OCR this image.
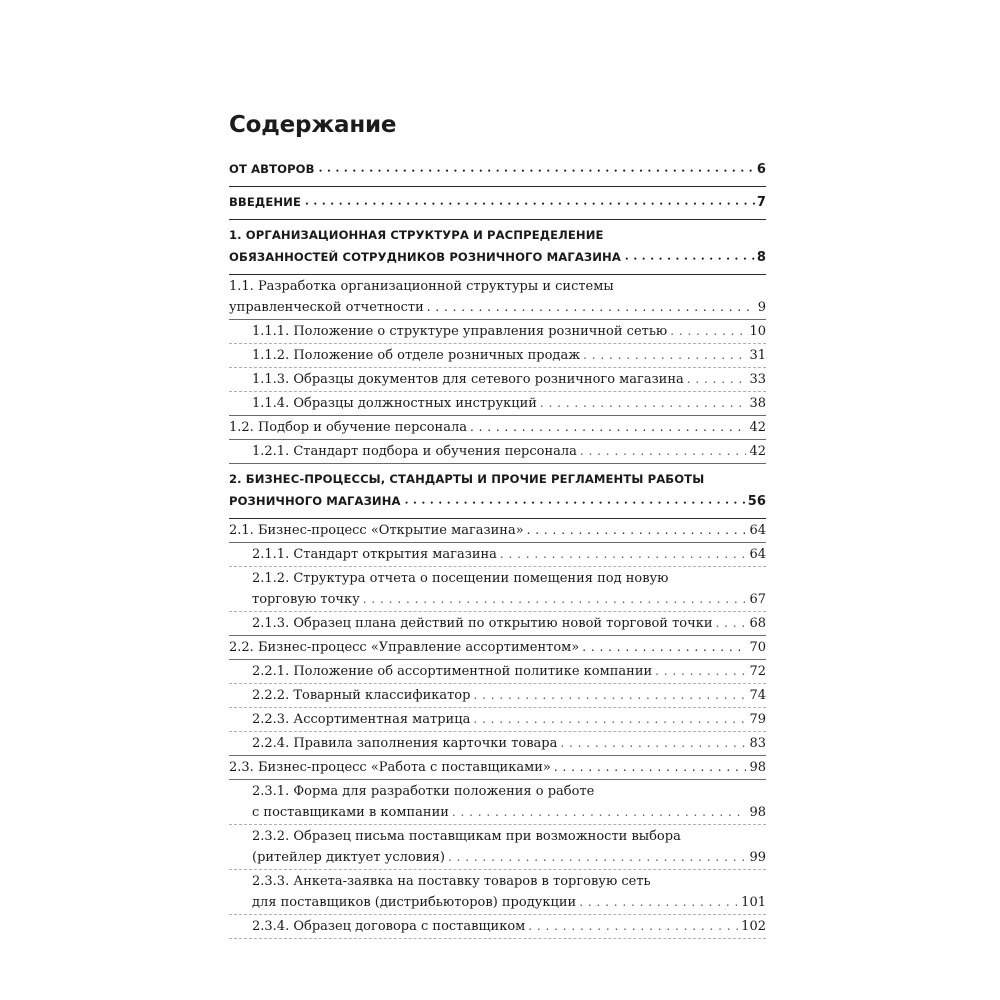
Содержание
ОТ АВТОРОВ •••••	6
ВВЕДЕНИЕ •••••	7
1. ОРГАНИЗАЦИОННАЯ СТРУКТУРА И РАСПРЕДЕЛЕНИЕ
ОБЯЗАННОСТЕЙ СОТРУДНИКОВ РОЗНИЧНОГО МАГАЗИНА •••••	8
1.1. Разработка организационной структуры и системы
управленческой отчетности . . .	9
1.1.1. Положение о структуре управления розничной сетью . . .	10
1.1.2. Положение об отделе розничных продаж . . .	31
1.1.3. Образцы документов для сетевого розничного магазина . . .	33
1.1.4. Образцы должностных инструкций . . .	38
1.2. Подбор и обучение персонала . . .	42
1.2.1. Стандарт подбора и обучения персонала . . .	42
2. БИЗНЕС-ПРОЦЕССЫ, СТАНДАРТЫ И ПРОЧИЕ РЕГЛАМЕНТЫ РАБОТЫ
РОЗНИЧНОГО МАГАЗИНА •••••	56
2.1. Бизнес-процесс «Открытие магазина» . . .	64
2.1.1. Стандарт открытия магазина . . .	64
2.1.2. Структура отчета о посещении помещения под новую
торговую точку . . .	67
2.1.3. Образец плана действий по открытию новой торговой точки . . .	68
2.2. Бизнес-процесс «Управление ассортиментом» . . .	70
2.2.1. Положение об ассортиментной политике компании . . .	72
2.2.2. Товарный классификатор . . .	74
2.2.3. Ассортиментная матрица . . .	79
2.2.4. Правила заполнения карточки товара . . .	83
2.3. Бизнес-процесс «Работа с поставщиками» . . .	98
2.3.1. Форма для разработки положения о работе
с поставщиками в компании . . .	98
2.3.2. Образец письма поставщикам при возможности выбора
(ритейлер диктует условия) . . .	99
2.3.3. Анкета-заявка на поставку товаров в торговую сеть
для поставщиков (дистрибьюторов) продукции . . .	101
2.3.4. Образец договора с поставщиком . . .	102
